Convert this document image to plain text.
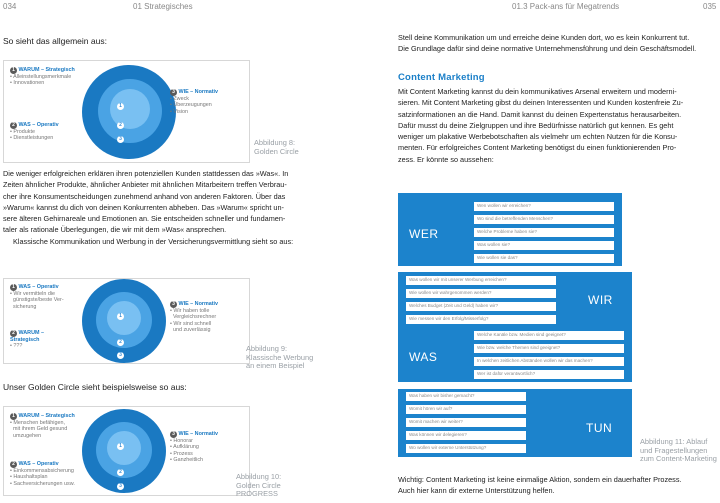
034	01 Strategisches	01.3 Pack-ans für Megatrends	035
So sieht das allgemein aus:
1
2
3
1 WARUM – Strategisch
• Alleinstellungsmerkmale
• Innovationen
2 WAS – Operativ
• Produkte
• Dienstleistungen
3 WIE – Normativ
• Zweck
• Überzeugungen
• Vision
Abbildung 8:
Golden Circle
Die weniger erfolgreichen erklären ihren potenziellen Kunden stattdessen das »Was«. In
Zeiten ähnlicher Produkte, ähnlicher Anbieter mit ähnlichen Mitarbeitern treffen Verbrau-
cher ihre Konsumentscheidungen zunehmend anhand von anderen Faktoren. Über das
»Warum« kannst du dich von deinen Konkurrenten abheben. Das »Warum« spricht un-
sere älteren Gehirnareale und Emotionen an. Sie entscheiden schneller und fundamen-
taler als rationale Überlegungen, die wir mit dem »Was« ansprechen.
Klassische Kommunikation und Werbung in der Versicherungsvermittlung sieht so aus:
1
2
3
1 WAS – Operativ
• Wir vermitteln die
günstigste/beste Ver-
sicherung
2 WARUM –
Strategisch
• ???
3 WIE – Normativ
• Wir haben tolle
Vergleichsrechner
• Wir sind schnell
und zuverlässig
Abbildung 9:
Klassische Werbung
an einem Beispiel
Unser Golden Circle sieht beispielsweise so aus:
1
2
3
1 WARUM – Strategisch
• Menschen befähigen,
mit ihrem Geld gesund
umzugehen
2 WAS – Operativ
• Einkommensabsicherung
• Haushaltsplan
• Sachversicherungen usw.
3 WIE – Normativ
• Honorar
• Aufklärung
• Prozess
• Ganzheitlich
Abbildung 10:
Golden Circle
PROGRESS
Stell deine Kommunikation um und erreiche deine Kunden dort, wo es kein Konkurrent tut.
Die Grundlage dafür sind deine normative Unternehmensführung und dein Geschäftsmodell.
Content Marketing
Mit Content Marketing kannst du dein kommunikatives Arsenal erweitern und moderni-
sieren. Mit Content Marketing gibst du deinen Interessenten und Kunden kostenfreie Zu-
satzinformationen an die Hand. Damit kannst du deinen Expertenstatus herausarbeiten.
Dafür musst du deine Zielgruppen und ihre Bedürfnisse natürlich gut kennen. Es geht
weniger um plakative Werbebotschaften als vielmehr um echten Nutzen für die Konsu-
menten. Für erfolgreiches Content Marketing benötigst du einen funktionierenden Pro-
zess. Er könnte so aussehen:
WER
Wen wollen wir erreichen?
Wo sind die betreffenden Menschen?
Welche Probleme haben sie?
Was wollen sie?
Wie wollen sie das?
Was wollen wir mit unserer Werbung erreichen?
Wie wollen wir wahrgenommen werden?
Welches Budget (Zeit und Geld) haben wir?
Wie messen wir den Erfolg/Misserfolg?
WIR
WAS
Welche Kanäle bzw. Medien sind geeignet?
Wie bzw. welche Themen sind geeignet?
In welchen zeitlichen Abständen wollen wir das machen?
Wer ist dafür verantwortlich?
Was haben wir bisher gemacht?
Womit hören wir auf?
Womit machen wir weiter?
Was können wir delegieren?
Wo wollen wir externe Unterstützung?
TUN
Abbildung 11: Ablauf
und Fragestellungen
zum Content-Marketing
Wichtig: Content Marketing ist keine einmalige Aktion, sondern ein dauerhafter Prozess.
Auch hier kann dir externe Unterstützung helfen.
